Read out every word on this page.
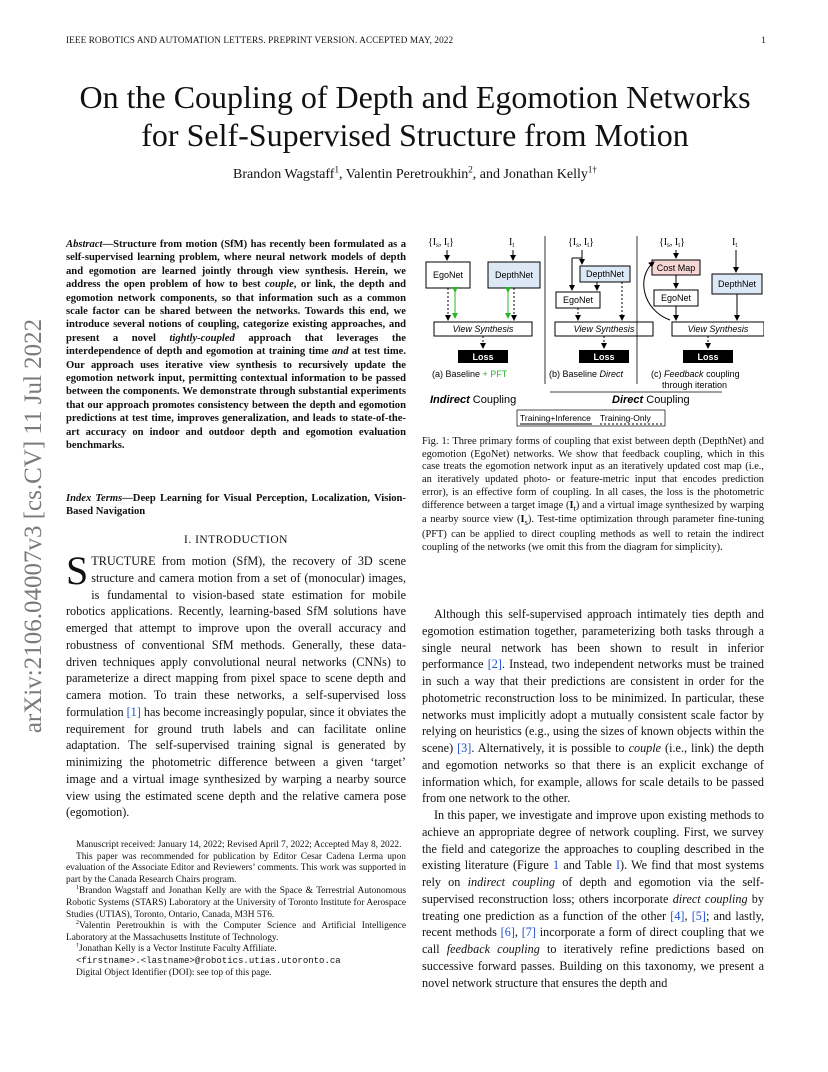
IEEE ROBOTICS AND AUTOMATION LETTERS. PREPRINT VERSION. ACCEPTED MAY, 2022	1
arXiv:2106.04007v3 [cs.CV] 11 Jul 2022
On the Coupling of Depth and Egomotion Networks
for Self-Supervised Structure from Motion
Brandon Wagstaff$^1$, Valentin Peretroukhin$^2$, and Jonathan Kelly$^{1\dagger}$
Abstract—Structure from motion (SfM) has recently been formulated as a self-supervised learning problem, where neural network models of depth and egomotion are learned jointly through view synthesis. Herein, we address the open problem of how to best couple, or link, the depth and egomotion network components, so that information such as a common scale factor can be shared between the networks. Towards this end, we introduce several notions of coupling, categorize existing approaches, and present a novel tightly-coupled approach that leverages the interdependence of depth and egomotion at training time and at test time. Our approach uses iterative view synthesis to recursively update the egomotion network input, permitting contextual information to be passed between the components. We demonstrate through substantial experiments that our approach promotes consistency between the depth and egomotion predictions at test time, improves generalization, and leads to state-of-the-art accuracy on indoor and outdoor depth and egomotion evaluation benchmarks.
Index Terms—Deep Learning for Visual Perception, Localization, Vision-Based Navigation
I. INTRODUCTION

STRUCTURE from motion (SfM), the recovery of 3D scene structure and camera motion from a set of (monocular) images, is fundamental to vision-based state estimation for mobile robotics applications. Recently, learning-based SfM solutions have emerged that attempt to improve upon the overall accuracy and robustness of conventional SfM methods. Generally, these data-driven techniques apply convolutional neural networks (CNNs) to parameterize a direct mapping from pixel space to scene depth and camera motion. To train these networks, a self-supervised loss formulation [1] has become increasingly popular, since it obviates the requirement for ground truth labels and can facilitate online adaptation. The self-supervised training signal is generated by minimizing the photometric difference between a given ‘target’ image and a virtual image synthesized by warping a nearby source view using the estimated scene depth and the relative camera pose (egomotion).

Manuscript received: January 14, 2022; Revised April 7, 2022; Accepted May 8, 2022.

This paper was recommended for publication by Editor Cesar Cadena Lerma upon evaluation of the Associate Editor and Reviewers’ comments. This work was supported in part by the Canada Research Chairs program.

$^1$Brandon Wagstaff and Jonathan Kelly are with the Space & Terrestrial Autonomous Robotic Systems (STARS) Laboratory at the University of Toronto Institute for Aerospace Studies (UTIAS), Toronto, Ontario, Canada, M3H 5T6.

$^2$Valentin Peretroukhin is with the Computer Science and Artificial Intelligence Laboratory at the Massachusetts Institute of Technology.

†Jonathan Kelly is a Vector Institute Faculty Affiliate.

<firstname>.<lastname>@robotics.utias.utoronto.ca

Digital Object Identifier (DOI): see top of this page.

{$I_s$, $I_t$}	$I_t$
EgoNet	DepthNet
View Synthesis
Loss
(a) Baseline + PFT
{$I_s$, $I_t$}
DepthNet
EgoNet
View Synthesis
Loss
(b) Baseline Direct
{$I_s$, $I_t$}	$I_t$
Cost Map
EgoNet
DepthNet
View Synthesis
Loss
(c) Feedback coupling
through iteration
Indirect Coupling	Direct Coupling
Training+Inference Training-Only
Fig. 1: Three primary forms of coupling that exist between depth (DepthNet) and egomotion (EgoNet) networks. We show that feedback coupling, which in this case treats the egomotion network input as an iteratively updated cost map (i.e., an iteratively updated photo- or feature-metric input that encodes prediction error), is an effective form of coupling. In all cases, the loss is the photometric difference between a target image $(I_t)$ and a virtual image synthesized by warping a nearby source view $(I_s)$. Test-time optimization through parameter fine-tuning (PFT) can be applied to direct coupling methods as well to retain the indirect coupling of the networks (we omit this from the diagram for simplicity).

Although this self-supervised approach intimately ties depth and egomotion estimation together, parameterizing both tasks through a single neural network has been shown to result in inferior performance [2]. Instead, two independent networks must be trained in such a way that their predictions are consistent in order for the photometric reconstruction loss to be minimized. In particular, these networks must implicitly adopt a mutually consistent scale factor by relying on heuristics (e.g., using the sizes of known objects within the scene) [3]. Alternatively, it is possible to couple (i.e., link) the depth and egomotion networks so that there is an explicit exchange of information which, for example, allows for scale details to be passed from one network to the other.

In this paper, we investigate and improve upon existing methods to achieve an appropriate degree of network coupling. First, we survey the field and categorize the approaches to coupling described in the existing literature (Figure 1 and Table I). We find that most systems rely on indirect coupling of depth and egomotion via the self-supervised reconstruction loss; others incorporate direct coupling by treating one prediction as a function of the other [4], [5]; and lastly, recent methods [6], [7] incorporate a form of direct coupling that we call feedback coupling to iteratively refine predictions based on successive forward passes. Building on this taxonomy, we present a novel network structure that ensures the depth and
